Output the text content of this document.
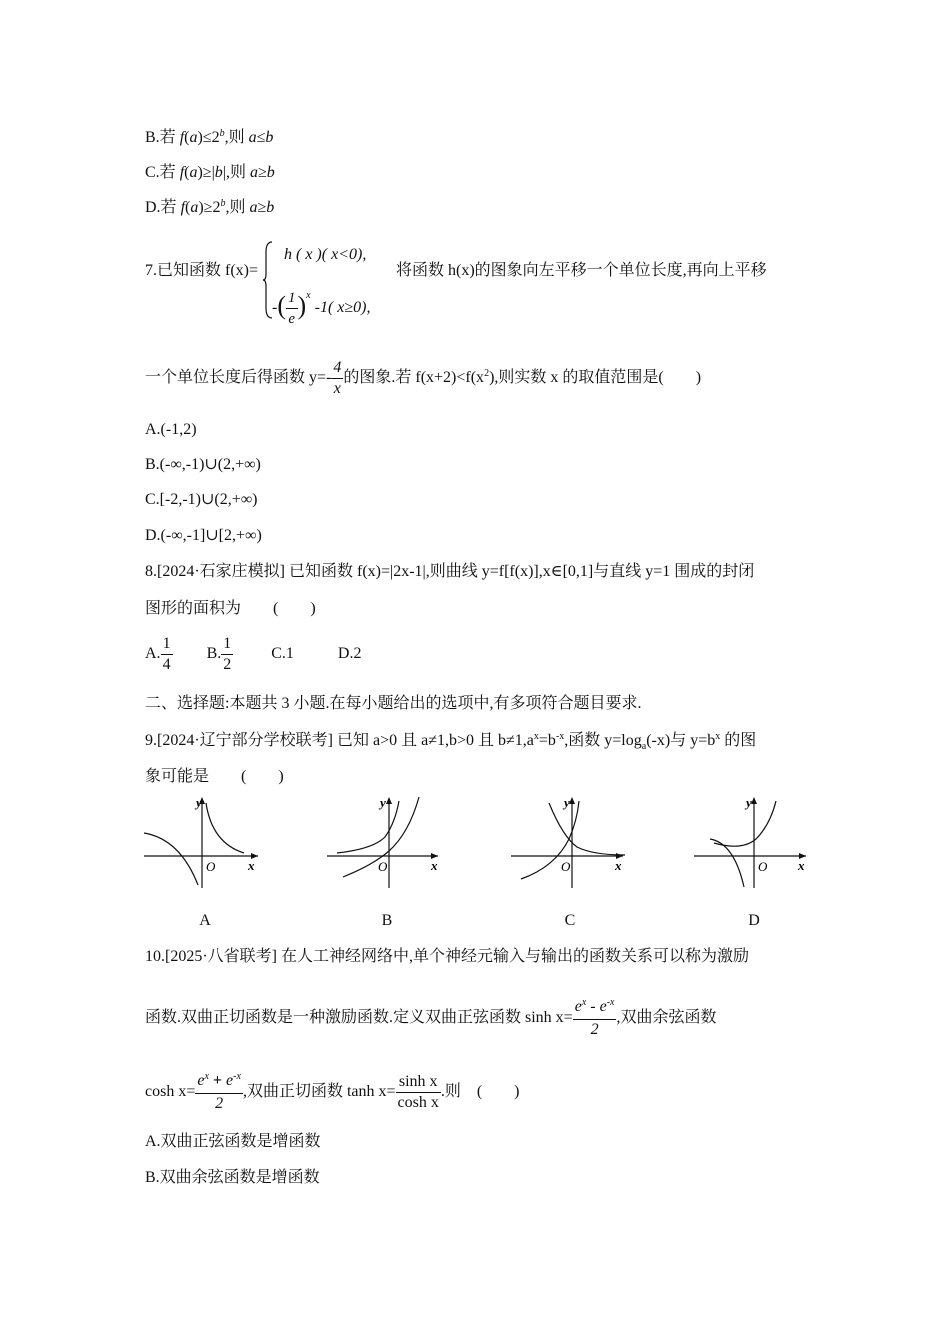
B.若 $f(a)\le 2^b$,则 a≤b
C.若 f(a)≥|b|,则 a≥b
D.若 $f(a)\ge 2^b$,则 a≥b
7.已知函数 f(x)=
h ( x )( x<0),
-( $\frac{1}{e} )^x-1$( x≥0),
将函数 h(x)的图象向左平移一个单位长度,再向上平移
一个单位长度后得函数 $y=- \frac{4}{x}$ 的图象.若 $f(x+2)<f(x^2)$,则实数 x 的取值范围是(　　)
A.(-1,2)
B.(-∞,-1)∪(2,+∞)
C.[-2,-1)∪(2,+∞)
D.(-∞,-1]∪[2,+∞)
8.[2024·石家庄模拟] 已知函数 f(x)=|2x-1|,则曲线 y=f[f(x)],x∈[0,1]与直线 y=1 围成的封闭
图形的面积为　　(　　)
A. $\frac{1}{4} B$. $\frac{1}{2} C.1$	D.2
二、选择题:本题共 3 小题.在每小题给出的选项中,有多项符合题目要求.
9.[2024·辽宁部分学校联考] 已知 a>0 且 a≠1,b>0 且 $b\ne 1,a^x=b^{-x}$,函数 $y=\log_a(-x)$与 $y=b^x$ 的图
象可能是　　(　　)
y
x
O
A
y
x
O
B
y
x
O
C
y
x
O
D
10.[2025·八省联考] 在人工神经网络中,单个神经元输入与输出的函数关系可以称为激励
函数.双曲正切函数是一种激励函数.定义双曲正弦函数 $\sinh x= \frac{e^x - e^{-x}}{2}$ ,双曲余弦函数
$\cosh x= \frac{e^x + e^{-x}}{2}$ ,双曲正切函数 $\tanh x= \frac{\text{sinh x}}{\text{cosh x}}$ .则　(　　)
A.双曲正弦函数是增函数
B.双曲余弦函数是增函数
